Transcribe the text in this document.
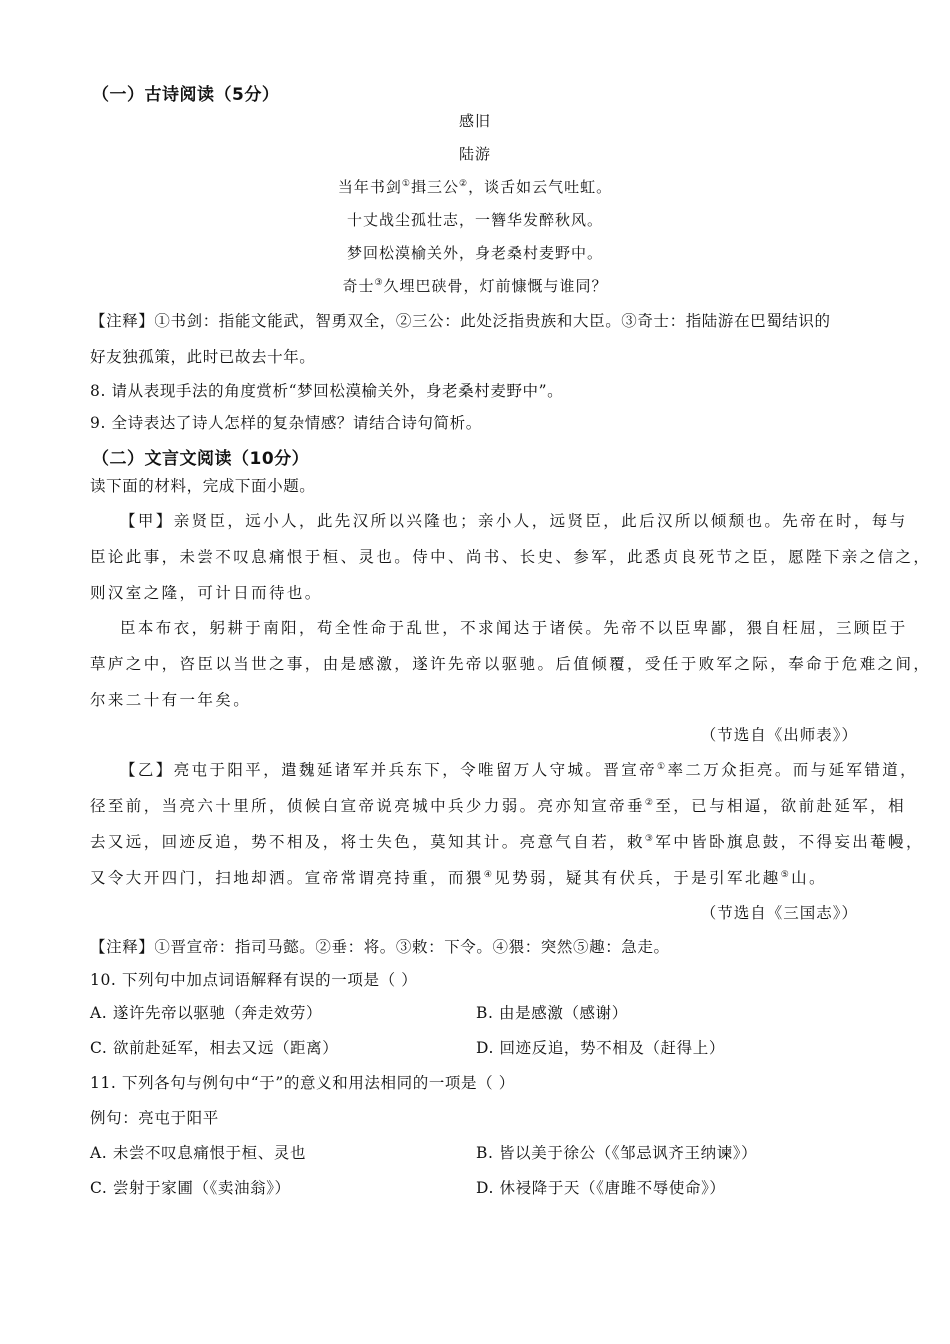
（一）古诗阅读（5分）
感旧
陆游
当年书剑①揖三公②，谈舌如云气吐虹。
十丈战尘孤壮志，一簪华发醉秋风。
梦回松漠榆关外，身老桑村麦野中。
奇士③久埋巴硖骨，灯前慷慨与谁同？
【注释】①书剑：指能文能武，智勇双全，②三公：此处泛指贵族和大臣。③奇士：指陆游在巴蜀结识的
好友独孤策，此时已故去十年。
8. 请从表现手法的角度赏析“梦回松漠榆关外，身老桑村麦野中”。
9. 全诗表达了诗人怎样的复杂情感？请结合诗句简析。
（二）文言文阅读（10分）
读下面的材料，完成下面小题。
【甲】亲贤臣，远小人，此先汉所以兴隆也；亲小人，远贤臣，此后汉所以倾颓也。先帝在时，每与
臣论此事，未尝不叹息痛恨于桓、灵也。侍中、尚书、长史、参军，此悉贞良死节之臣，愿陛下亲之信之，
则汉室之隆，可计日而待也。
臣本布衣，躬耕于南阳，苟全性命于乱世，不求闻达于诸侯。先帝不以臣卑鄙，猥自枉屈，三顾臣于
草庐之中，咨臣以当世之事，由是感激，遂许先帝以驱驰。后值倾覆，受任于败军之际，奉命于危难之间，
尔来二十有一年矣。
（节选自《出师表》）
【乙】亮屯于阳平，遣魏延诸军并兵东下，令唯留万人守城。晋宣帝①率二万众拒亮。而与延军错道，
径至前，当亮六十里所，侦候白宣帝说亮城中兵少力弱。亮亦知宣帝垂②至，已与相逼，欲前赴延军，相
去又远，回迹反追，势不相及，将士失色，莫知其计。亮意气自若，敕③军中皆卧旗息鼓，不得妄出菴幔，
又令大开四门，扫地却洒。宣帝常谓亮持重，而猥④见势弱，疑其有伏兵，于是引军北趣⑤山。
（节选自《三国志》）
【注释】①晋宣帝：指司马懿。②垂：将。③敕：下令。④猥：突然⑤趣：急走。
10. 下列句中加点词语解释有误的一项是（ ）
A. 遂许先帝以驱驰（奔走效劳）	B. 由是感激（感谢）
C. 欲前赴延军，相去又远（距离）	D. 回迹反追，势不相及（赶得上）
11. 下列各句与例句中“于”的意义和用法相同的一项是（ ）
例句：亮屯于阳平
A. 未尝不叹息痛恨于桓、灵也	B. 皆以美于徐公（《邹忌讽齐王纳谏》）
C. 尝射于家圃（《卖油翁》）	D. 休祲降于天（《唐雎不辱使命》）
